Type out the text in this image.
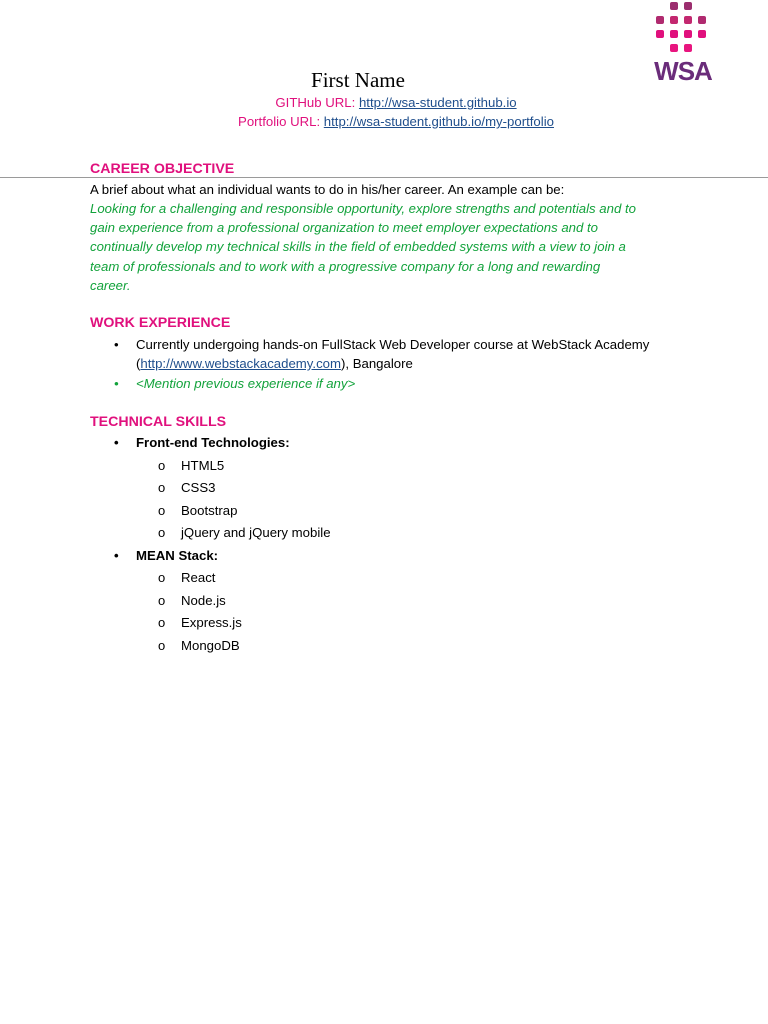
WSA
First Name
GITHub URL: http://wsa-student.github.io
Portfolio URL: http://wsa-student.github.io/my-portfolio
CAREER OBJECTIVE

A brief about what an individual wants to do in his/her career. An example can be:

Looking for a challenging and responsible opportunity, explore strengths and potentials and to
gain experience from a professional organization to meet employer expectations and to
continually develop my technical skills in the field of embedded systems with a view to join a
team of professionals and to work with a progressive company for a long and rewarding
career.
WORK EXPERIENCE
• Currently undergoing hands-on FullStack Web Developer course at WebStack Academy
(http://www.webstackacademy.com), Bangalore
• <Mention previous experience if any>
TECHNICAL SKILLS
• Front-end Technologies:
o HTML5
o CSS3
o Bootstrap
o jQuery and jQuery mobile
• MEAN Stack:
o React
o Node.js
o Express.js
o MongoDB
